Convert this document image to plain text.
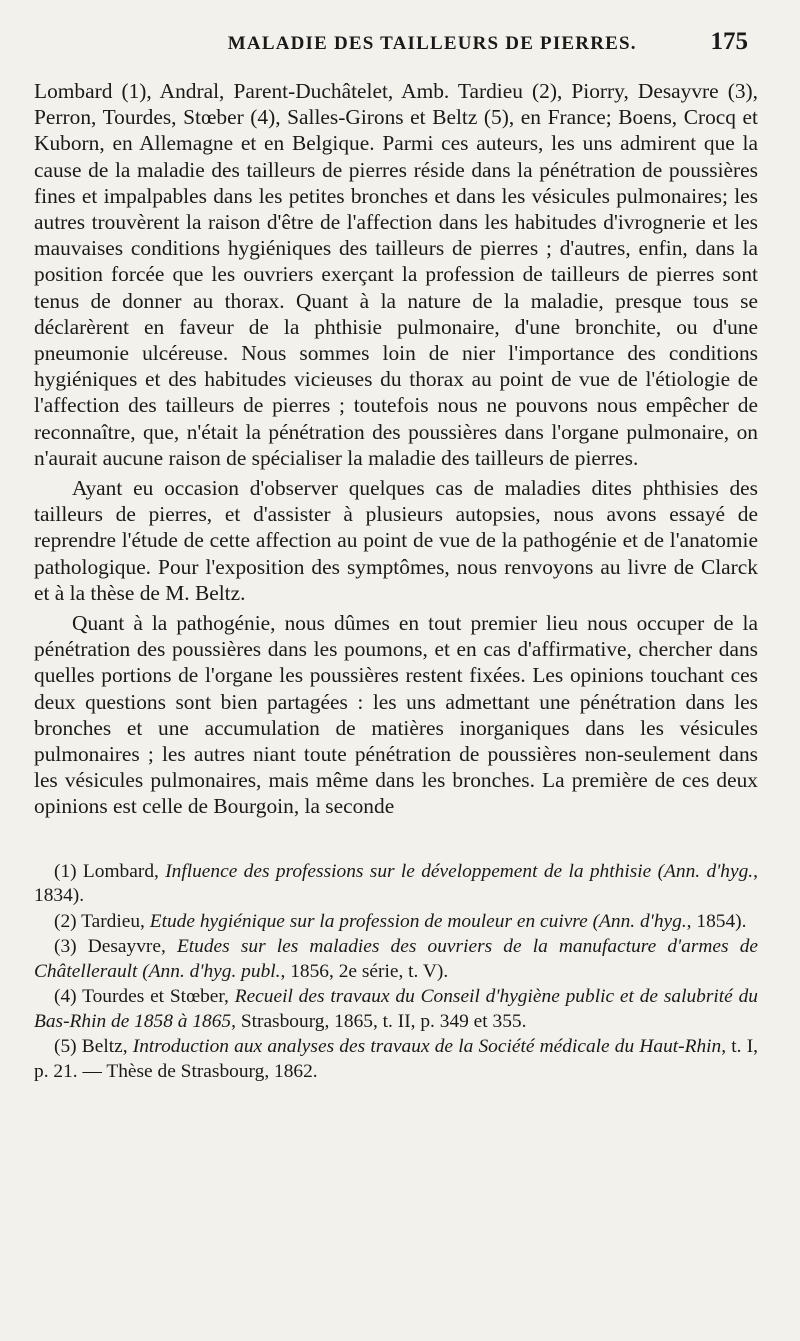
MALADIE DES TAILLEURS DE PIERRES.	175

Lombard (1), Andral, Parent-Duchâtelet, Amb. Tardieu (2), Piorry, Desayvre (3), Perron, Tourdes, Stœber (4), Salles-Girons et Beltz (5), en France; Boens, Crocq et Kuborn, en Allemagne et en Belgique. Parmi ces auteurs, les uns admirent que la cause de la maladie des tailleurs de pierres réside dans la pénétration de poussières fines et impalpables dans les petites bronches et dans les vésicules pulmonaires; les autres trouvèrent la raison d'être de l'affection dans les habitudes d'ivrognerie et les mauvaises conditions hygiéniques des tailleurs de pierres ; d'autres, enfin, dans la position forcée que les ouvriers exerçant la profession de tailleurs de pierres sont tenus de donner au thorax. Quant à la nature de la maladie, presque tous se déclarèrent en faveur de la phthisie pulmonaire, d'une bronchite, ou d'une pneumonie ulcéreuse. Nous sommes loin de nier l'importance des conditions hygiéniques et des habitudes vicieuses du thorax au point de vue de l'étiologie de l'affection des tailleurs de pierres ; toutefois nous ne pouvons nous empêcher de reconnaître, que, n'était la pénétration des poussières dans l'organe pulmonaire, on n'aurait aucune raison de spécialiser la maladie des tailleurs de pierres.

Ayant eu occasion d'observer quelques cas de maladies dites phthisies des tailleurs de pierres, et d'assister à plusieurs autopsies, nous avons essayé de reprendre l'étude de cette affection au point de vue de la pathogénie et de l'anatomie pathologique. Pour l'exposition des symptômes, nous renvoyons au livre de Clarck et à la thèse de M. Beltz.

Quant à la pathogénie, nous dûmes en tout premier lieu nous occuper de la pénétration des poussières dans les poumons, et en cas d'affirmative, chercher dans quelles portions de l'organe les poussières restent fixées. Les opinions touchant ces deux questions sont bien partagées : les uns admettant une pénétration dans les bronches et une accumulation de matières inorganiques dans les vésicules pulmonaires ; les autres niant toute pénétration de poussières non-seulement dans les vésicules pulmonaires, mais même dans les bronches. La première de ces deux opinions est celle de Bourgoin, la seconde

(1) Lombard, Influence des professions sur le développement de la phthisie (Ann. d'hyg., 1834).

(2) Tardieu, Etude hygiénique sur la profession de mouleur en cuivre (Ann. d'hyg., 1854).

(3) Desayvre, Etudes sur les maladies des ouvriers de la manufacture d'armes de Châtellerault (Ann. d'hyg. publ., 1856, 2e série, t. V).

(4) Tourdes et Stœber, Recueil des travaux du Conseil d'hygiène public et de salubrité du Bas-Rhin de 1858 à 1865, Strasbourg, 1865, t. II, p. 349 et 355.

(5) Beltz, Introduction aux analyses des travaux de la Société médicale du Haut-Rhin, t. I, p. 21. — Thèse de Strasbourg, 1862.
